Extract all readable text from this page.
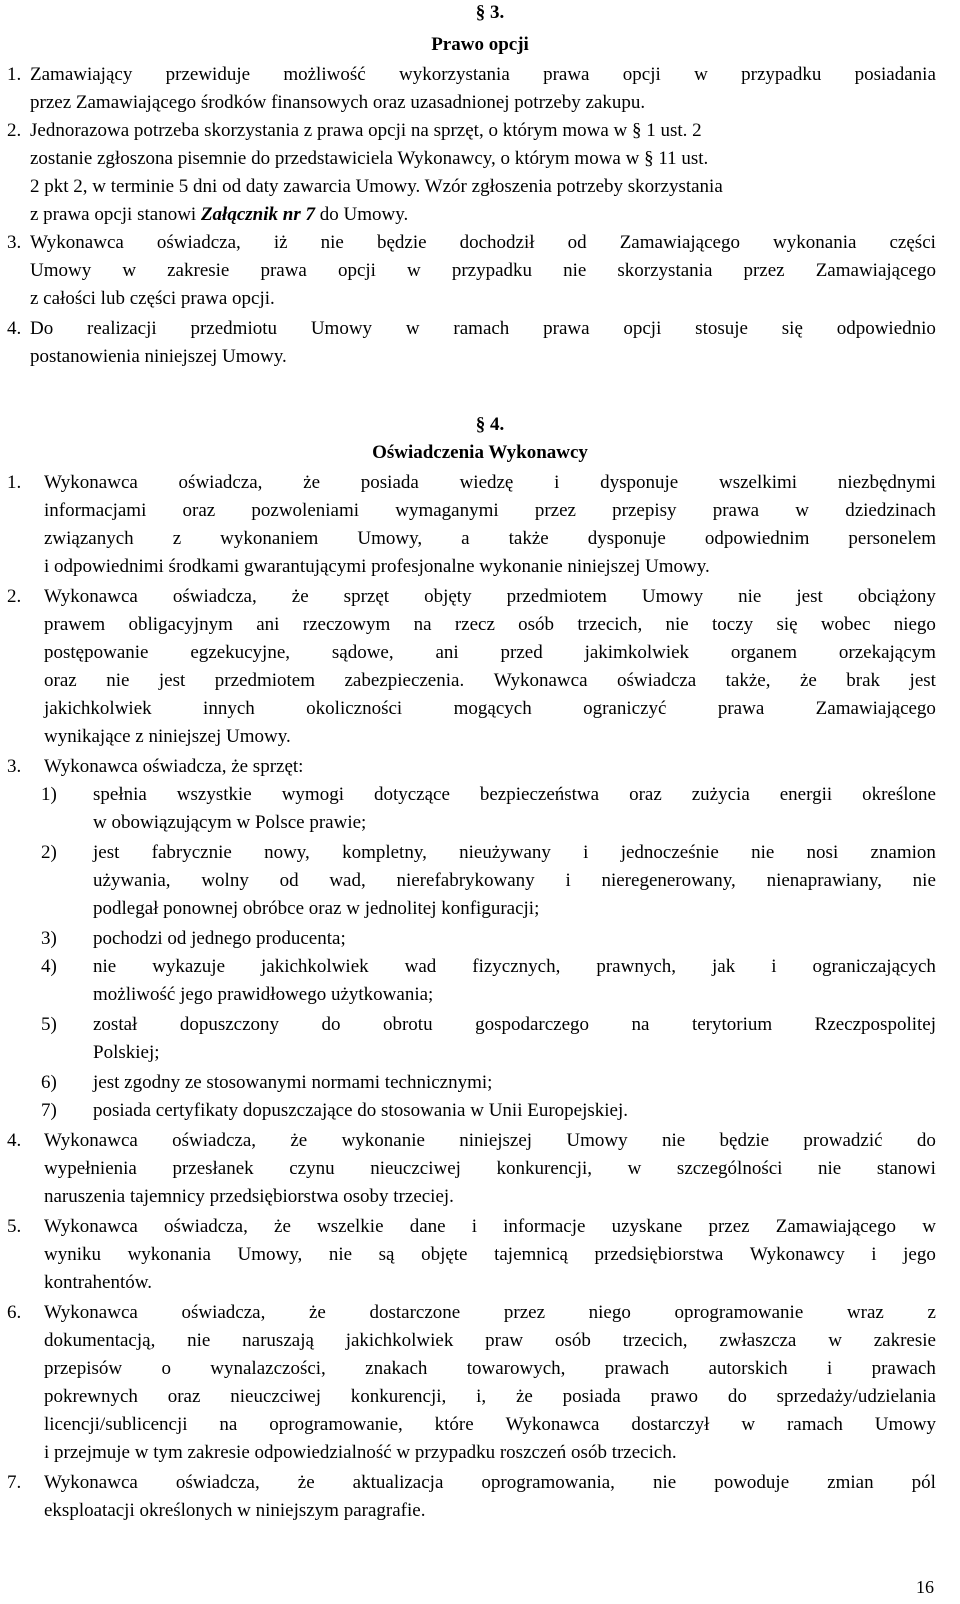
§ 3.
Prawo opcji
1. Zamawiający przewiduje możliwość wykorzystania prawa opcji w przypadku posiadania
przez Zamawiającego środków finansowych oraz uzasadnionej potrzeby zakupu.
2. Jednorazowa potrzeba skorzystania z prawa opcji na sprzęt, o którym mowa w § 1 ust. 2
zostanie zgłoszona pisemnie do przedstawiciela Wykonawcy, o którym mowa w § 11 ust.
2 pkt 2, w terminie 5 dni od daty zawarcia Umowy. Wzór zgłoszenia potrzeby skorzystania
z prawa opcji stanowi Załącznik nr 7 do Umowy.
3. Wykonawca oświadcza, iż nie będzie dochodził od Zamawiającego wykonania części
Umowy w zakresie prawa opcji w przypadku nie skorzystania przez Zamawiającego
z całości lub części prawa opcji.
4. Do realizacji przedmiotu Umowy w ramach prawa opcji stosuje się odpowiednio
postanowienia niniejszej Umowy.
§ 4.
Oświadczenia Wykonawcy
1. Wykonawca oświadcza, że posiada wiedzę i dysponuje wszelkimi niezbędnymi
informacjami oraz pozwoleniami wymaganymi przez przepisy prawa w dziedzinach
związanych z wykonaniem Umowy, a także dysponuje odpowiednim personelem
i odpowiednimi środkami gwarantującymi profesjonalne wykonanie niniejszej Umowy.
2. Wykonawca oświadcza, że sprzęt objęty przedmiotem Umowy nie jest obciążony
prawem obligacyjnym ani rzeczowym na rzecz osób trzecich, nie toczy się wobec niego
postępowanie egzekucyjne, sądowe, ani przed jakimkolwiek organem orzekającym
oraz nie jest przedmiotem zabezpieczenia. Wykonawca oświadcza także, że brak jest
jakichkolwiek	innych	okoliczności	mogących	ograniczyć	prawa	Zamawiającego
wynikające z niniejszej Umowy.
3. Wykonawca oświadcza, że sprzęt:
1) spełnia wszystkie wymogi dotyczące bezpieczeństwa oraz zużycia energii określone
w obowiązującym w Polsce prawie;
2) jest fabrycznie nowy, kompletny, nieużywany i jednocześnie nie nosi znamion
używania, wolny od wad, nierefabrykowany i nieregenerowany, nienaprawiany, nie
podlegał ponownej obróbce oraz w jednolitej konfiguracji;
3) pochodzi od jednego producenta;
4) nie wykazuje jakichkolwiek wad fizycznych, prawnych, jak i ograniczających
możliwość jego prawidłowego użytkowania;
5) został dopuszczony do obrotu gospodarczego na terytorium Rzeczpospolitej
Polskiej;
6) jest zgodny ze stosowanymi normami technicznymi;
7) posiada certyfikaty dopuszczające do stosowania w Unii Europejskiej.
4. Wykonawca oświadcza, że wykonanie niniejszej Umowy nie będzie prowadzić do
wypełnienia przesłanek czynu nieuczciwej konkurencji, w szczególności nie stanowi
naruszenia tajemnicy przedsiębiorstwa osoby trzeciej.
5. Wykonawca oświadcza, że wszelkie dane i informacje uzyskane przez Zamawiającego w
wyniku wykonania Umowy, nie są objęte tajemnicą przedsiębiorstwa Wykonawcy i jego
kontrahentów.
6. Wykonawca oświadcza, że dostarczone przez niego oprogramowanie wraz z
dokumentacją, nie naruszają jakichkolwiek praw osób trzecich, zwłaszcza w zakresie
przepisów o wynalazczości, znakach towarowych, prawach autorskich i prawach
pokrewnych oraz nieuczciwej konkurencji, i, że posiada prawo do sprzedaży/udzielania
licencji/sublicencji na oprogramowanie, które Wykonawca dostarczył w ramach Umowy
i przejmuje w tym zakresie odpowiedzialność w przypadku roszczeń osób trzecich.
7. Wykonawca oświadcza, że aktualizacja oprogramowania, nie powoduje zmian pól
eksploatacji określonych w niniejszym paragrafie.
16
